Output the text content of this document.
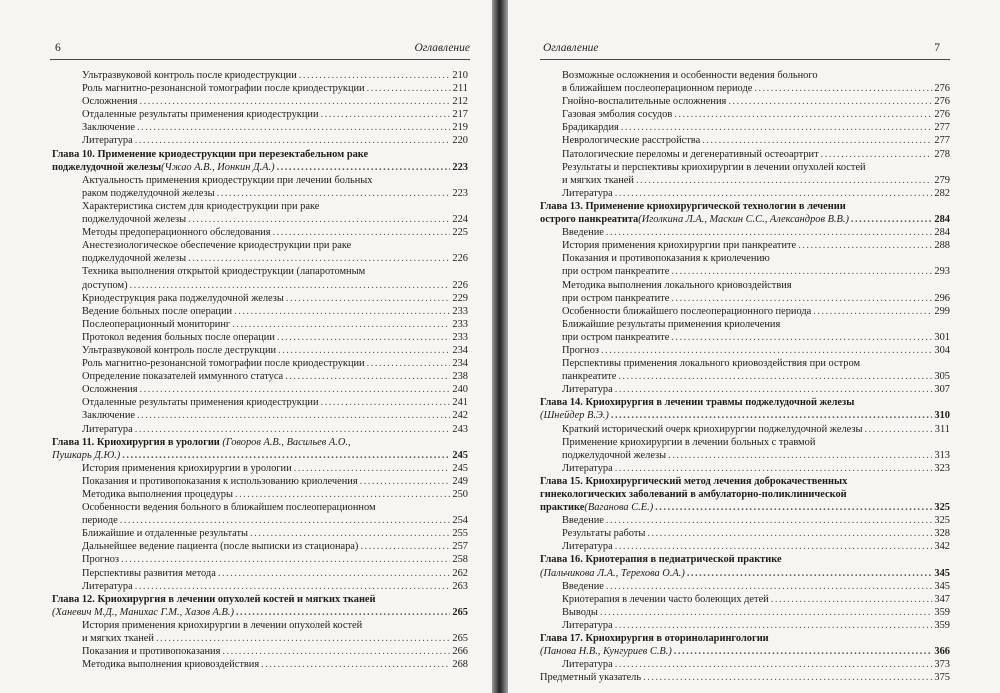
6	Оглавление
Ультразвуковой контроль после криодеструкции .....	210
Роль магнитно-резонансной томографии после криодеструкции .....	211
Осложнения .....	212
Отдаленные результаты применения криодеструкции .....	217
Заключение .....	219
Литература .....	220
Глава 10. Применение криодеструкции при перезектабельном раке
поджелудочной железы (Чжао А.В., Ионкин Д.А.) .....	223
Актуальность применения криодеструкции при лечении больных
раком поджелудочной железы .....	223
Характеристика систем для криодеструкции при раке
поджелудочной железы .....	224
Методы предоперационного обследования .....	225
Анестезиологическое обеспечение криодеструкции при раке
поджелудочной железы .....	226
Техника выполнения открытой криодеструкции (лапаротомным
доступом) .....	226
Криодеструкция рака поджелудочной железы .....	229
Ведение больных после операции .....	233
Послеоперационный мониторинг .....	233
Протокол ведения больных после операции .....	233
Ультразвуковой контроль после деструкции .....	234
Роль магнитно-резонансной томографии после криодеструкции .....	234
Определение показателей иммунного статуса .....	238
Осложнения .....	240
Отдаленные результаты применения криодеструкции .....	241
Заключение .....	242
Литература .....	243
Глава 11. Криохирургия в урологии (Говоров А.В., Васильев А.О.,
Пушкарь Д.Ю.) .....	245
История применения криохирургии в урологии .....	245
Показания и противопоказания к использованию криолечения .....	249
Методика выполнения процедуры .....	250
Особенности ведения больного в ближайшем послеоперационном
периоде .....	254
Ближайшие и отдаленные результаты .....	255
Дальнейшее ведение пациента (после выписки из стационара) .....	257
Прогноз .....	258
Перспективы развития метода .....	262
Литература .....	263
Глава 12. Криохирургия в лечении опухолей костей и мягких тканей
(Ханевич М.Д., Манихас Г.М., Хазов А.В.) .....	265
История применения криохирургии в лечении опухолей костей
и мягких тканей .....	265
Показания и противопоказания .....	266
Методика выполнения криовоздействия .....	268
Оглавление	7
Возможные осложнения и особенности ведения больного
в ближайшем послеоперационном периоде .....	276
Гнойно-воспалительные осложнения .....	276
Газовая эмболия сосудов .....	276
Брадикардия .....	277
Неврологические расстройства .....	277
Патологические переломы и дегенеративный остеоартрит .....	278
Результаты и перспективы криохирургии в лечении опухолей костей
и мягких тканей .....	279
Литература .....	282
Глава 13. Применение криохирургической технологии в лечении
острого панкреатита (Иголкина Л.А., Маскин С.С., Александров В.В.) .....	284
Введение .....	284
История применения криохирургии при панкреатите .....	288
Показания и противопоказания к криолечению
при остром панкреатите .....	293
Методика выполнения локального криовоздействия
при остром панкреатите .....	296
Особенности ближайшего послеоперационного периода .....	299
Ближайшие результаты применения криолечения
при остром панкреатите .....	301
Прогноз .....	304
Перспективы применения локального криовоздействия при остром
панкреатите .....	305
Литература .....	307
Глава 14. Криохирургия в лечении травмы поджелудочной железы
(Шнейдер В.Э.) .....	310
Краткий исторический очерк криохирургии поджелудочной железы .....	311
Применение криохирургии в лечении больных с травмой
поджелудочной железы .....	313
Литература .....	323
Глава 15. Криохирургический метод лечения доброкачественных
гинекологических заболеваний в амбулаторно-поликлинической
практике (Ваганова С.Е.) .....	325
Введение .....	325
Результаты работы .....	328
Литература .....	342
Глава 16. Криотерапия в педиатрической практике
(Пальчикова Л.А., Терехова О.А.) .....	345
Введение .....	345
Криотерапия в лечении часто болеющих детей .....	347
Выводы .....	359
Литература .....	359
Глава 17. Криохирургия в оториноларингологии
(Панова Н.В., Кунгуриев С.В.) .....	366
Литература .....	373
Предметный указатель .....	375
